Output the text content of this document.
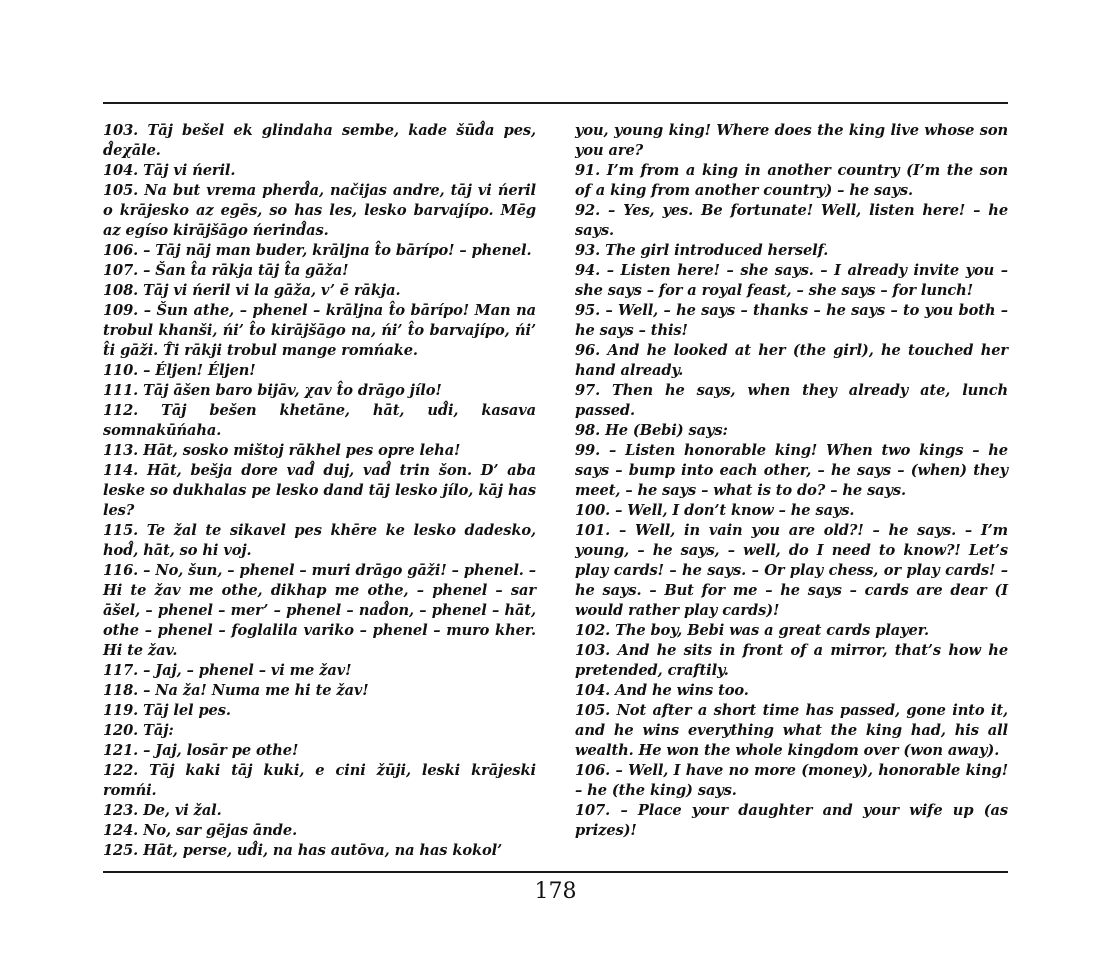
103. Tāj bešel ek glindaha sembe, kade šūd̂a pes, d̂eχāle.

104. Tāj vi ńeril.

105. Na but vrema pherd̂a, načijas andre, tāj vi ńeril o krājesko az egēs, so has les, lesko barvajípo. Mēg az egíso kirājšāgo ńerind̂as.

106. – Tāj nāj man buder, krāljna t̂o bārípo! – phenel.

107. – Šan t̂a rākja tāj t̂a gāža!

108. Tāj vi ńeril vi la gāža, v’ ē rākja.

109. – Šun athe, – phenel – krāljna t̂o bārípo! Man na trobul khanši, ńi’ t̂o kirājšāgo na, ńi’ t̂o barvajípo, ńi’ t̂i gāži. T̂i rākji trobul mange romńake.

110. – Éljen! Éljen!

111. Tāj āšen baro bijāv, χav t̂o drāgo jílo!

112. Tāj bešen khetāne, hāt, ud̂i, kasava somnakūńaha.

113. Hāt, sosko mištoj rākhel pes opre leha!

114. Hāt, bešja dore vad̂ duj, vad̂ trin šon. D’ aba leske so dukhalas pe lesko dand tāj lesko jílo, kāj has les?

115. Te žal te sikavel pes khēre ke lesko dadesko, hod̂, hāt, so hi voj.

116. – No, šun, – phenel – muri drāgo gāži! – phenel. – Hi te žav me othe, dikhap me othe, – phenel – sar āšel, – phenel – mer’ – phenel – nad̂on, – phenel – hāt, othe – phenel – foglalila variko – phenel – muro kher. Hi te žav.

117. – Jaj, – phenel – vi me žav!

118. – Na ža! Numa me hi te žav!

119. Tāj lel pes.

120. Tāj:

121. – Jaj, losār pe othe!

122. Tāj kaki tāj kuki, e cini žūji, leski krājeski romńi.

123. De, vi žal.

124. No, sar gējas ānde.

125. Hāt, perse, ud̂i, na has autōva, na has kokol’

you, young king! Where does the king live whose son you are?

91. I’m from a king in another country (I’m the son of a king from another country) – he says.

92. – Yes, yes. Be fortunate! Well, listen here! – he says.

93. The girl introduced herself.

94. – Listen here! – she says. – I already invite you – she says – for a royal feast, – she says – for lunch!

95. – Well, – he says – thanks – he says – to you both – he says – this!

96. And he looked at her (the girl), he touched her hand already.

97. Then he says, when they already ate, lunch passed.

98. He (Bebi) says:

99. – Listen honorable king! When two kings – he says – bump into each other, – he says – (when) they meet, – he says – what is to do? – he says.

100. – Well, I don’t know – he says.

101. – Well, in vain you are old?! – he says. – I’m young, – he says, – well, do I need to know?! Let’s play cards! – he says. – Or play chess, or play cards! – he says. – But for me – he says – cards are dear (I would rather play cards)!

102. The boy, Bebi was a great cards player.

103. And he sits in front of a mirror, that’s how he pretended, craftily.

104. And he wins too.

105. Not after a short time has passed, gone into it, and he wins everything what the king had, his all wealth. He won the whole kingdom over (won away).

106. – Well, I have no more (money), honorable king! – he (the king) says.

107. – Place your daughter and your wife up (as prizes)!

178
